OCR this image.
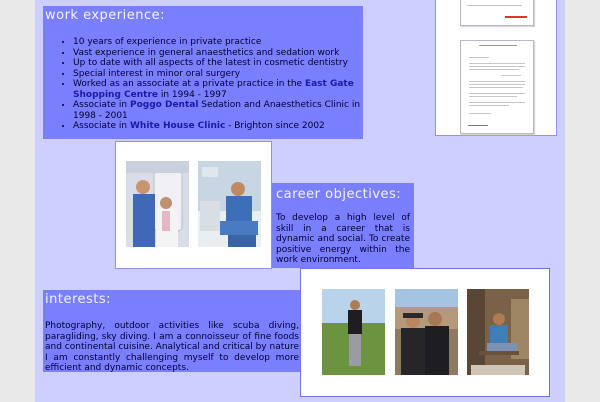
work experience:
• 10 years of experience in private practice
• Vast experience in general anaesthetics and sedation work
• Up to date with all aspects of the latest in cosmetic dentistry
• Special interest in minor oral surgery
• Worked as an associate at a private practice in the East Gate Shopping Centre in 1994 - 1997
• Associate in Poggo Dental Sedation and Anaesthetics Clinic in 1998 - 2001
• Associate in White House Clinic - Brighton since 2002
career objectives:
To develop a high level of skill in a career that is dynamic and social. To create positive energy within the work environment.
interests:
Photography, outdoor activities like scuba diving, paragliding, sky diving. I am a connoisseur of fine foods and continental cuisine. Analytical and critical by nature I am constantly challenging myself to develop more efficient and dynamic concepts.
